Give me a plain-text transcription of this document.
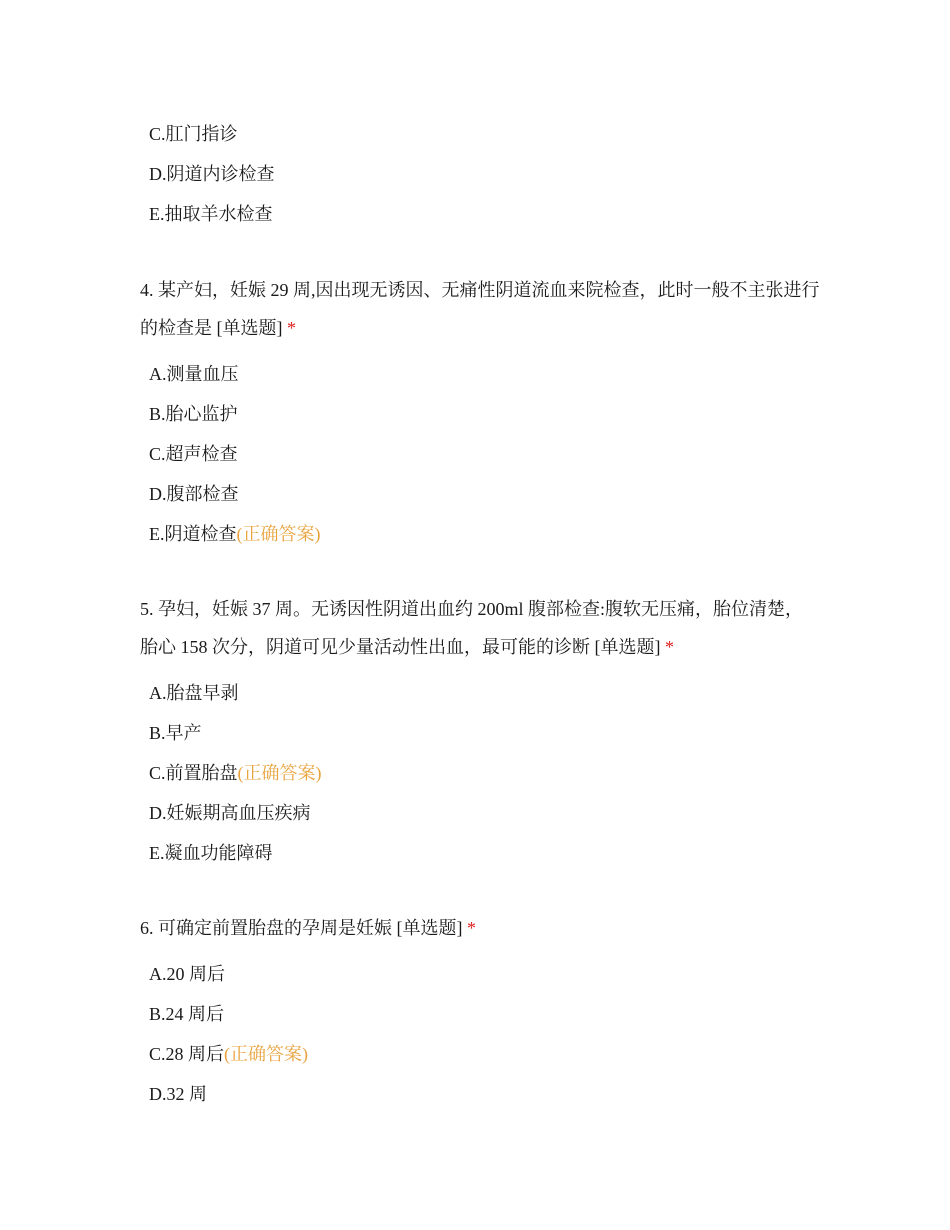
C.肛门指诊
D.阴道内诊检查
E.抽取羊水检查

4. 某产妇，妊娠 29 周,因出现无诱因、无痛性阴道流血来院检查，此时一般不主张进行的检查是 [单选题] *

A.测量血压
B.胎心监护
C.超声检查
D.腹部检查
E.阴道检查(正确答案)

5. 孕妇，妊娠 37 周。无诱因性阴道出血约 200ml 腹部检查:腹软无压痛，胎位清楚，胎心 158 次分，阴道可见少量活动性出血，最可能的诊断 [单选题] *

A.胎盘早剥
B.早产
C.前置胎盘(正确答案)
D.妊娠期高血压疾病
E.凝血功能障碍

6. 可确定前置胎盘的孕周是妊娠 [单选题] *

A.20 周后
B.24 周后
C.28 周后(正确答案)
D.32 周
